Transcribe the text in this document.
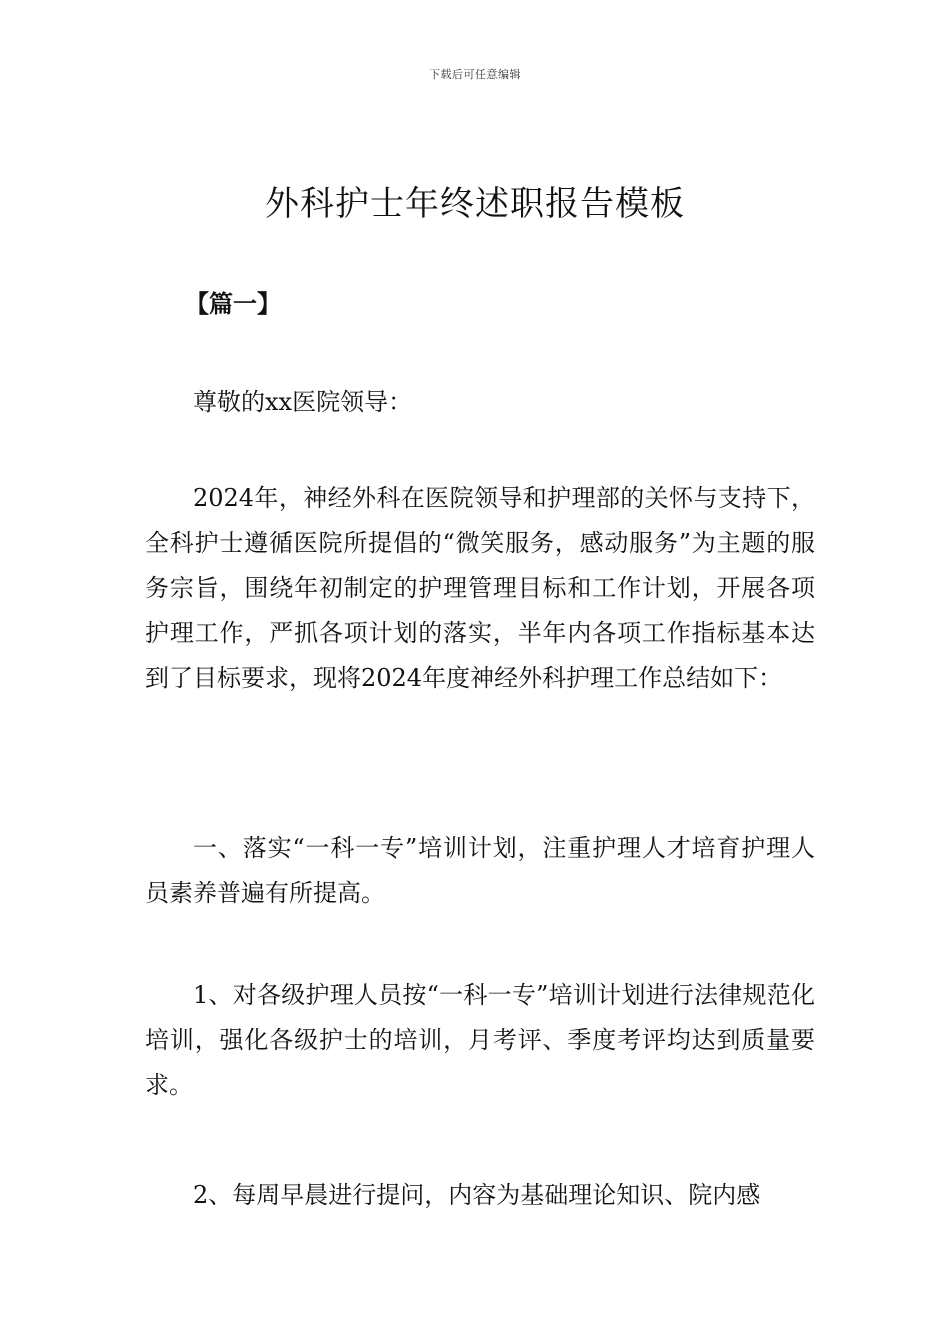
下载后可任意编辑
外科护士年终述职报告模板
【篇一】
尊敬的xx医院领导：
2024年，神经外科在医院领导和护理部的关怀与支持下，全科护士遵循医院所提倡的“微笑服务，感动服务”为主题的服务宗旨，围绕年初制定的护理管理目标和工作计划，开展各项护理工作，严抓各项计划的落实，半年内各项工作指标基本达到了目标要求，现将2024年度神经外科护理工作总结如下：
一、落实“一科一专”培训计划，注重护理人才培育护理人员素养普遍有所提高。
1、对各级护理人员按“一科一专”培训计划进行法律规范化培训，强化各级护士的培训，月考评、季度考评均达到质量要求。
2、每周早晨进行提问，内容为基础理论知识、院内感
